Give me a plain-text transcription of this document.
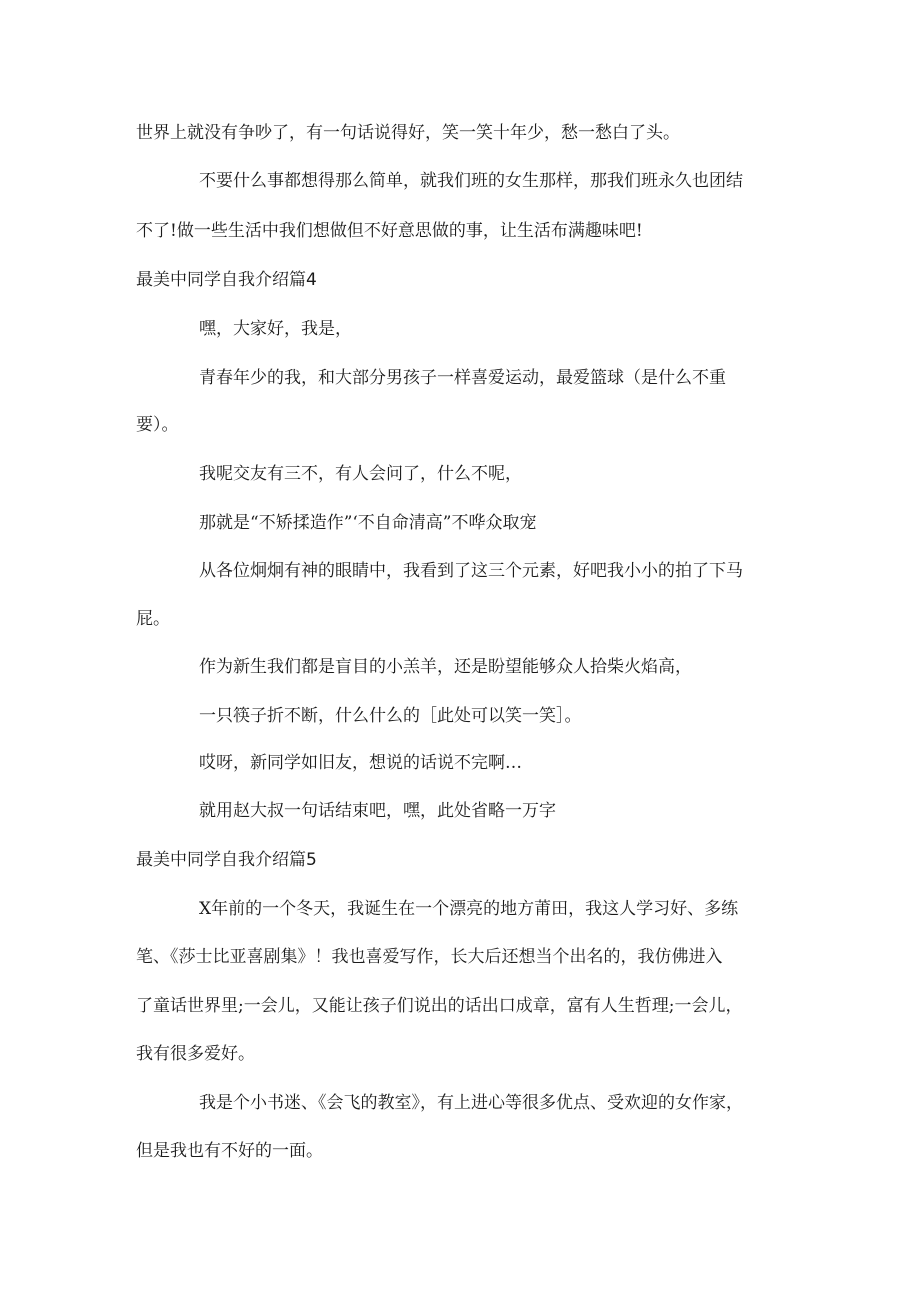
世界上就没有争吵了，有一句话说得好，笑一笑十年少，愁一愁白了头。
不要什么事都想得那么简单，就我们班的女生那样，那我们班永久也团结
不了!做一些生活中我们想做但不好意思做的事，让生活布满趣味吧!
最美中同学自我介绍篇4
嘿，大家好，我是，
青春年少的我，和大部分男孩子一样喜爱运动，最爱篮球（是什么不重
要）。
我呢交友有三不，有人会问了，什么不呢，
那就是“不矫揉造作”‘不自命清高”不哗众取宠
从各位炯炯有神的眼睛中，我看到了这三个元素，好吧我小小的拍了下马
屁。
作为新生我们都是盲目的小羔羊，还是盼望能够众人拾柴火焰高，
一只筷子折不断，什么什么的［此处可以笑一笑］。
哎呀，新同学如旧友，想说的话说不完啊…
就用赵大叔一句话结束吧，嘿，此处省略一万字
最美中同学自我介绍篇5
X年前的一个冬天，我诞生在一个漂亮的地方莆田，我这人学习好、多练
笔、《莎士比亚喜剧集》！我也喜爱写作，长大后还想当个出名的，我仿佛进入
了童话世界里;一会儿，又能让孩子们说出的话出口成章，富有人生哲理;一会儿，
我有很多爱好。
我是个小书迷、《会飞的教室》，有上进心等很多优点、受欢迎的女作家，
但是我也有不好的一面。
